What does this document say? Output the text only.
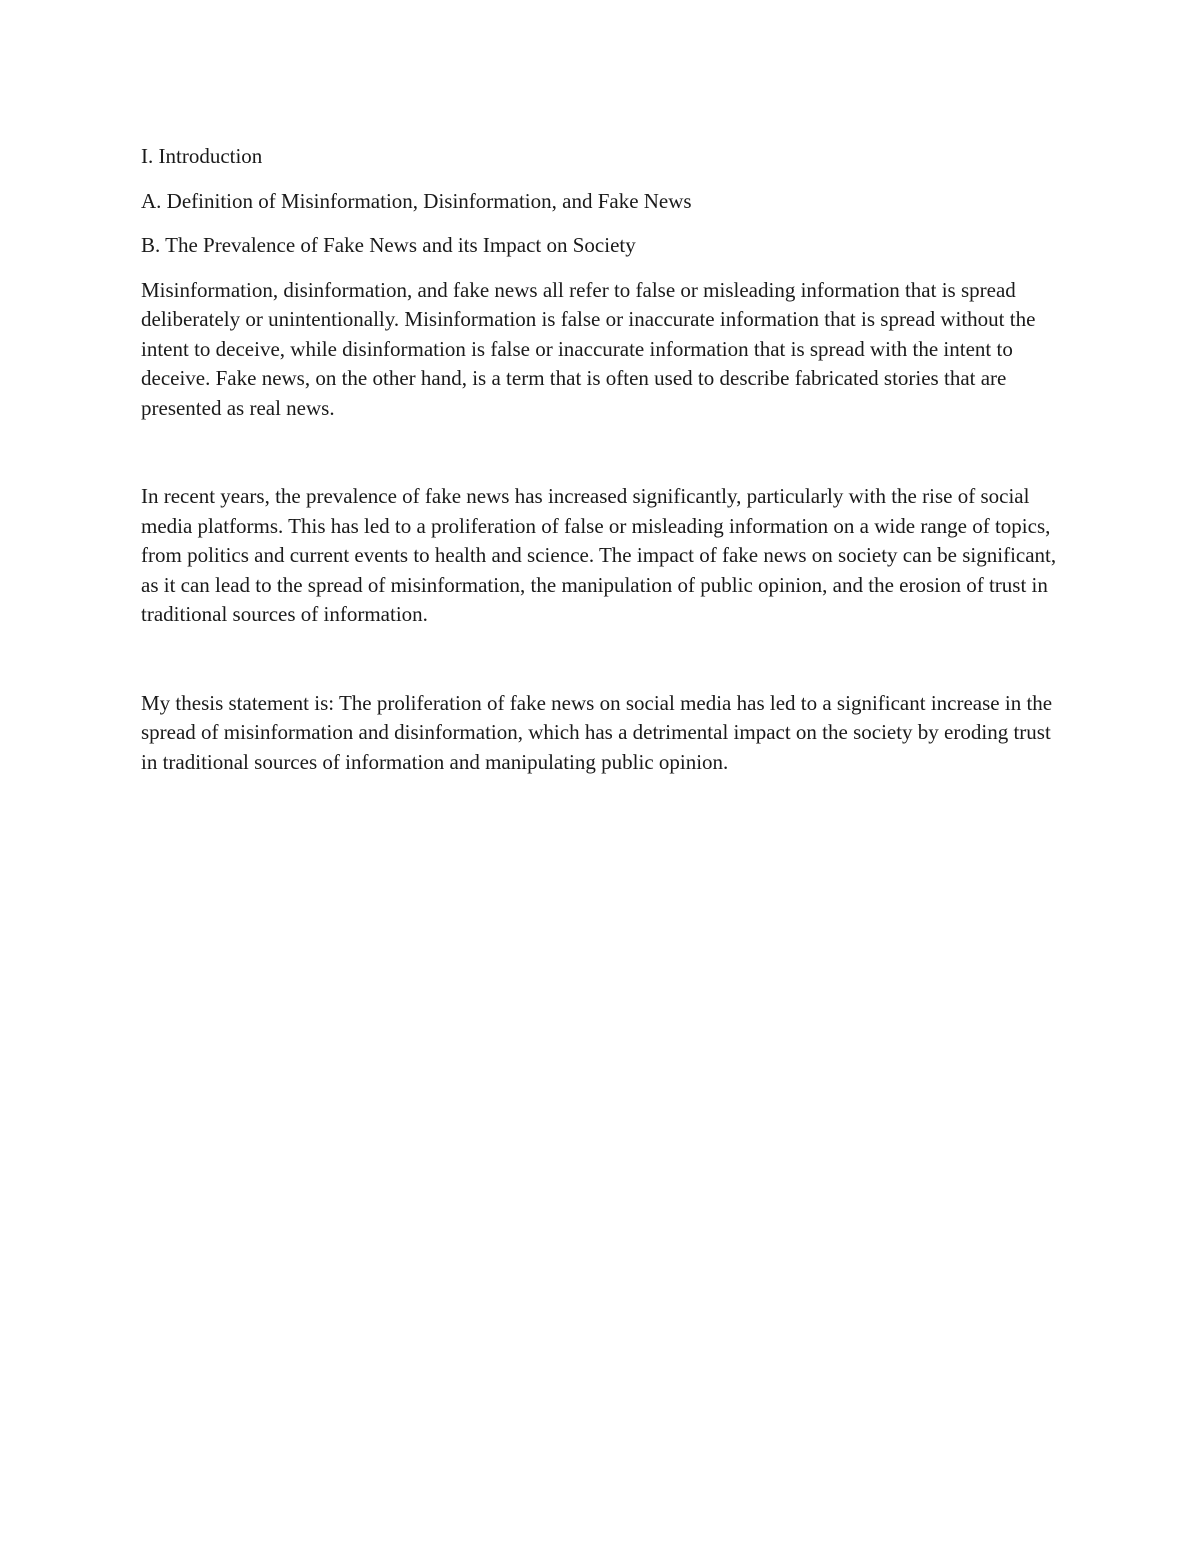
I. Introduction

A. Definition of Misinformation, Disinformation, and Fake News

B. The Prevalence of Fake News and its Impact on Society

Misinformation, disinformation, and fake news all refer to false or misleading information that is spread deliberately or unintentionally. Misinformation is false or inaccurate information that is spread without the intent to deceive, while disinformation is false or inaccurate information that is spread with the intent to deceive. Fake news, on the other hand, is a term that is often used to describe fabricated stories that are presented as real news.

In recent years, the prevalence of fake news has increased significantly, particularly with the rise of social media platforms. This has led to a proliferation of false or misleading information on a wide range of topics, from politics and current events to health and science. The impact of fake news on society can be significant, as it can lead to the spread of misinformation, the manipulation of public opinion, and the erosion of trust in traditional sources of information.

My thesis statement is: The proliferation of fake news on social media has led to a significant increase in the spread of misinformation and disinformation, which has a detrimental impact on the society by eroding trust in traditional sources of information and manipulating public opinion.
